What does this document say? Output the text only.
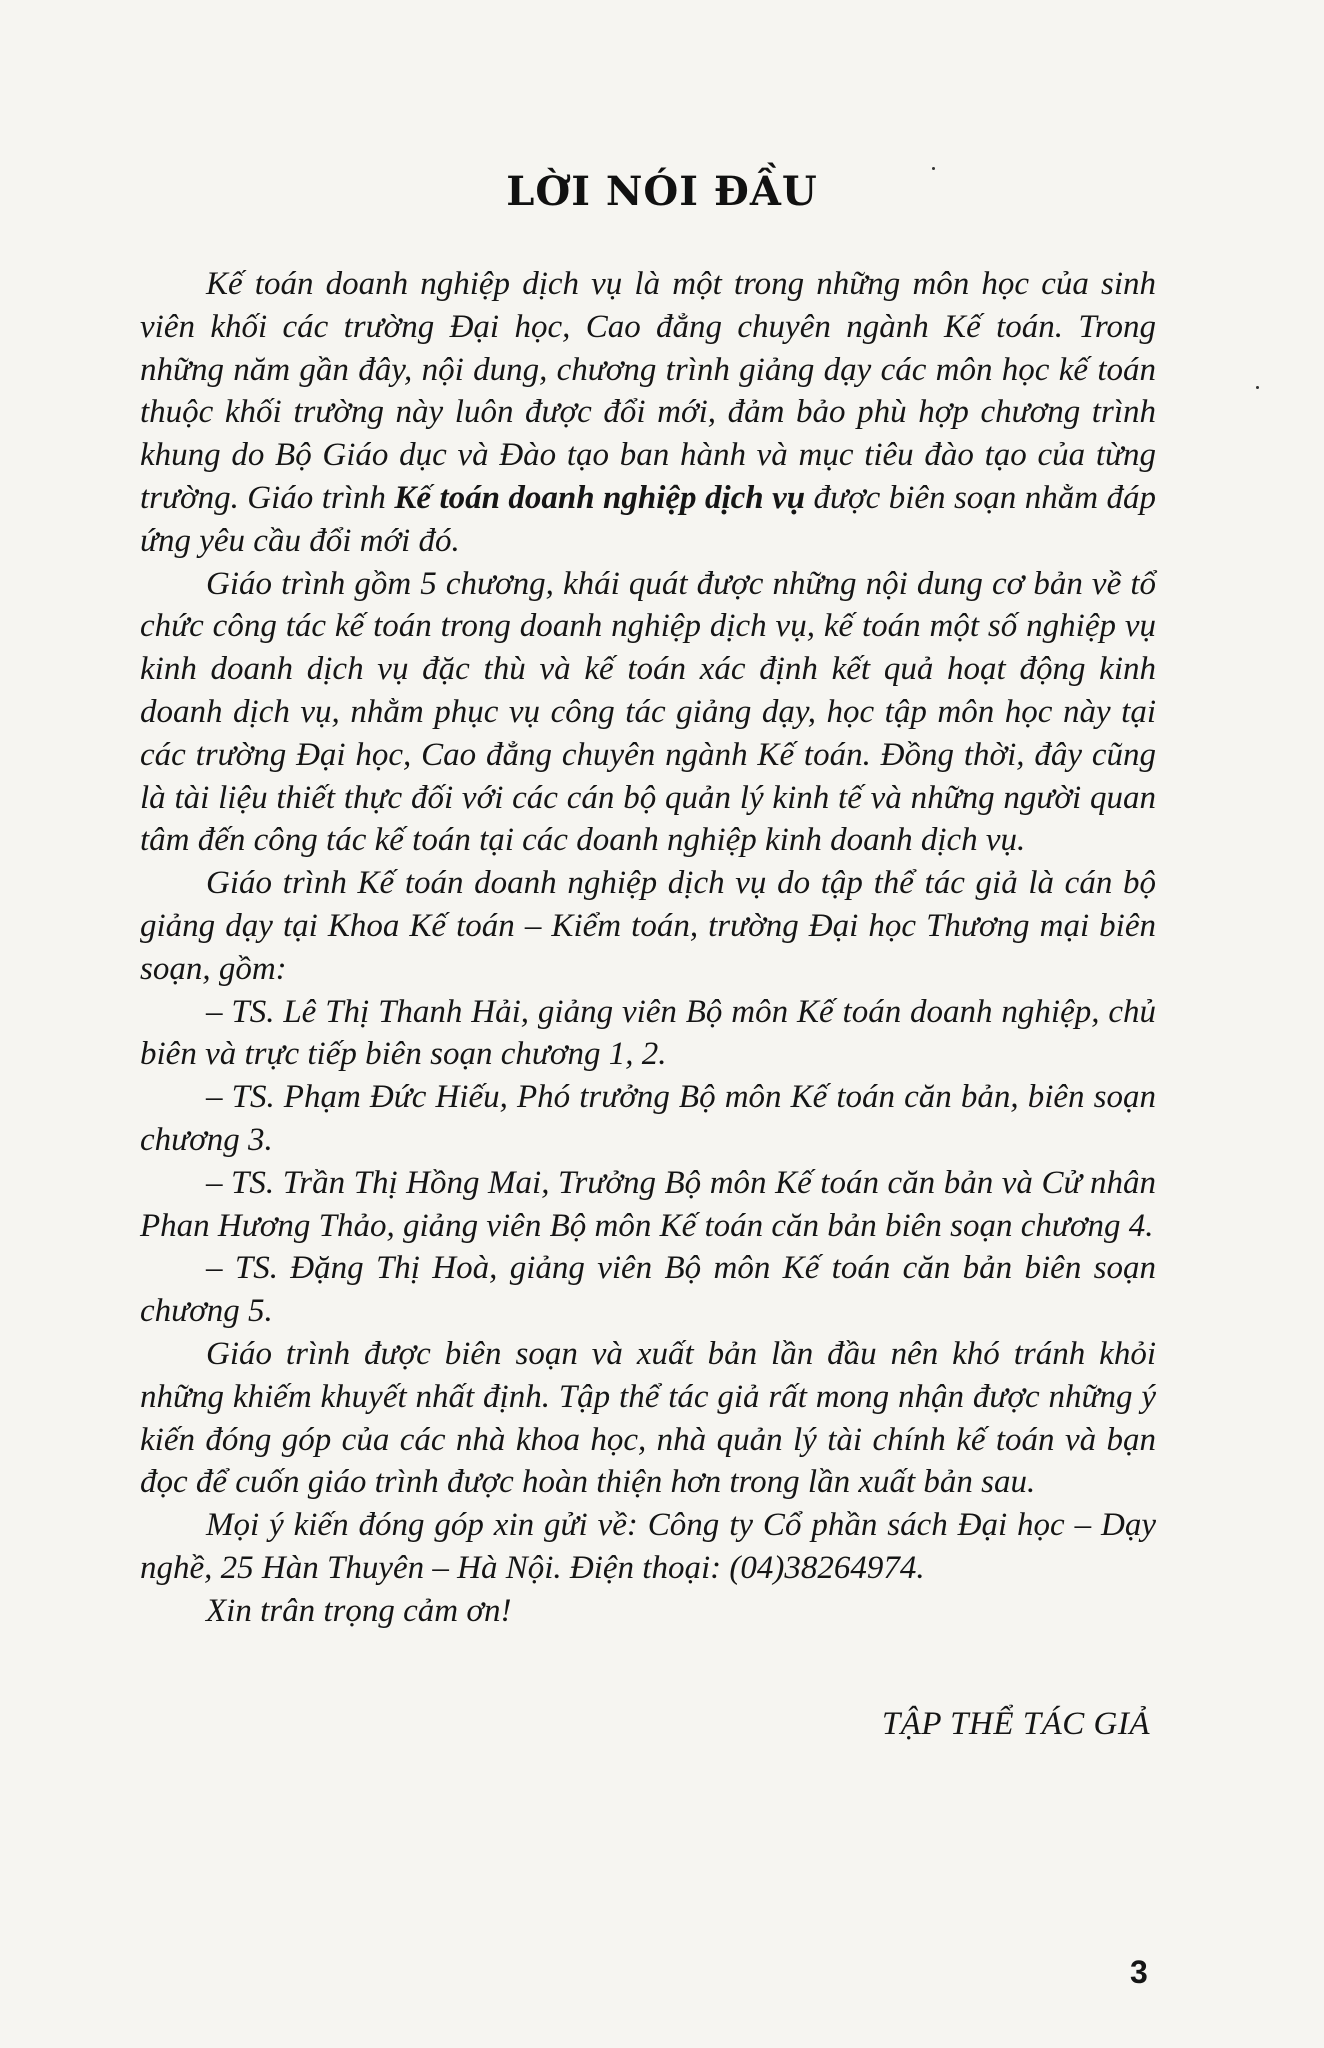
LỜI NÓI ĐẦU

  Kế toán doanh nghiệp dịch vụ là một trong những môn học của sinh viên khối các trường Đại học, Cao đẳng chuyên ngành Kế toán. Trong những năm gần đây, nội dung, chương trình giảng dạy các môn học kế toán thuộc khối trường này luôn được đổi mới, đảm bảo phù hợp chương trình khung do Bộ Giáo dục và Đào tạo ban hành và mục tiêu đào tạo của từng trường. Giáo trình Kế toán doanh nghiệp dịch vụ được biên soạn nhằm đáp ứng yêu cầu đổi mới đó.

  Giáo trình gồm 5 chương, khái quát được những nội dung cơ bản về tổ chức công tác kế toán trong doanh nghiệp dịch vụ, kế toán một số nghiệp vụ kinh doanh dịch vụ đặc thù và kế toán xác định kết quả hoạt động kinh doanh dịch vụ, nhằm phục vụ công tác giảng dạy, học tập môn học này tại các trường Đại học, Cao đẳng chuyên ngành Kế toán. Đồng thời, đây cũng là tài liệu thiết thực đối với các cán bộ quản lý kinh tế và những người quan tâm đến công tác kế toán tại các doanh nghiệp kinh doanh dịch vụ.

  Giáo trình Kế toán doanh nghiệp dịch vụ do tập thể tác giả là cán bộ giảng dạy tại Khoa Kế toán – Kiểm toán, trường Đại học Thương mại biên soạn, gồm:

  – TS. Lê Thị Thanh Hải, giảng viên Bộ môn Kế toán doanh nghiệp, chủ biên và trực tiếp biên soạn chương 1, 2.

  – TS. Phạm Đức Hiếu, Phó trưởng Bộ môn Kế toán căn bản, biên soạn chương 3.

  – TS. Trần Thị Hồng Mai, Trưởng Bộ môn Kế toán căn bản và Cử nhân Phan Hương Thảo, giảng viên Bộ môn Kế toán căn bản biên soạn chương 4.

  – TS. Đặng Thị Hoà, giảng viên Bộ môn Kế toán căn bản biên soạn chương 5.

  Giáo trình được biên soạn và xuất bản lần đầu nên khó tránh khỏi những khiếm khuyết nhất định. Tập thể tác giả rất mong nhận được những ý kiến đóng góp của các nhà khoa học, nhà quản lý tài chính kế toán và bạn đọc để cuốn giáo trình được hoàn thiện hơn trong lần xuất bản sau.

  Mọi ý kiến đóng góp xin gửi về: Công ty Cổ phần sách Đại học – Dạy nghề, 25 Hàn Thuyên – Hà Nội. Điện thoại: (04)38264974.

  Xin trân trọng cảm ơn!

TẬP THỂ TÁC GIẢ
3
